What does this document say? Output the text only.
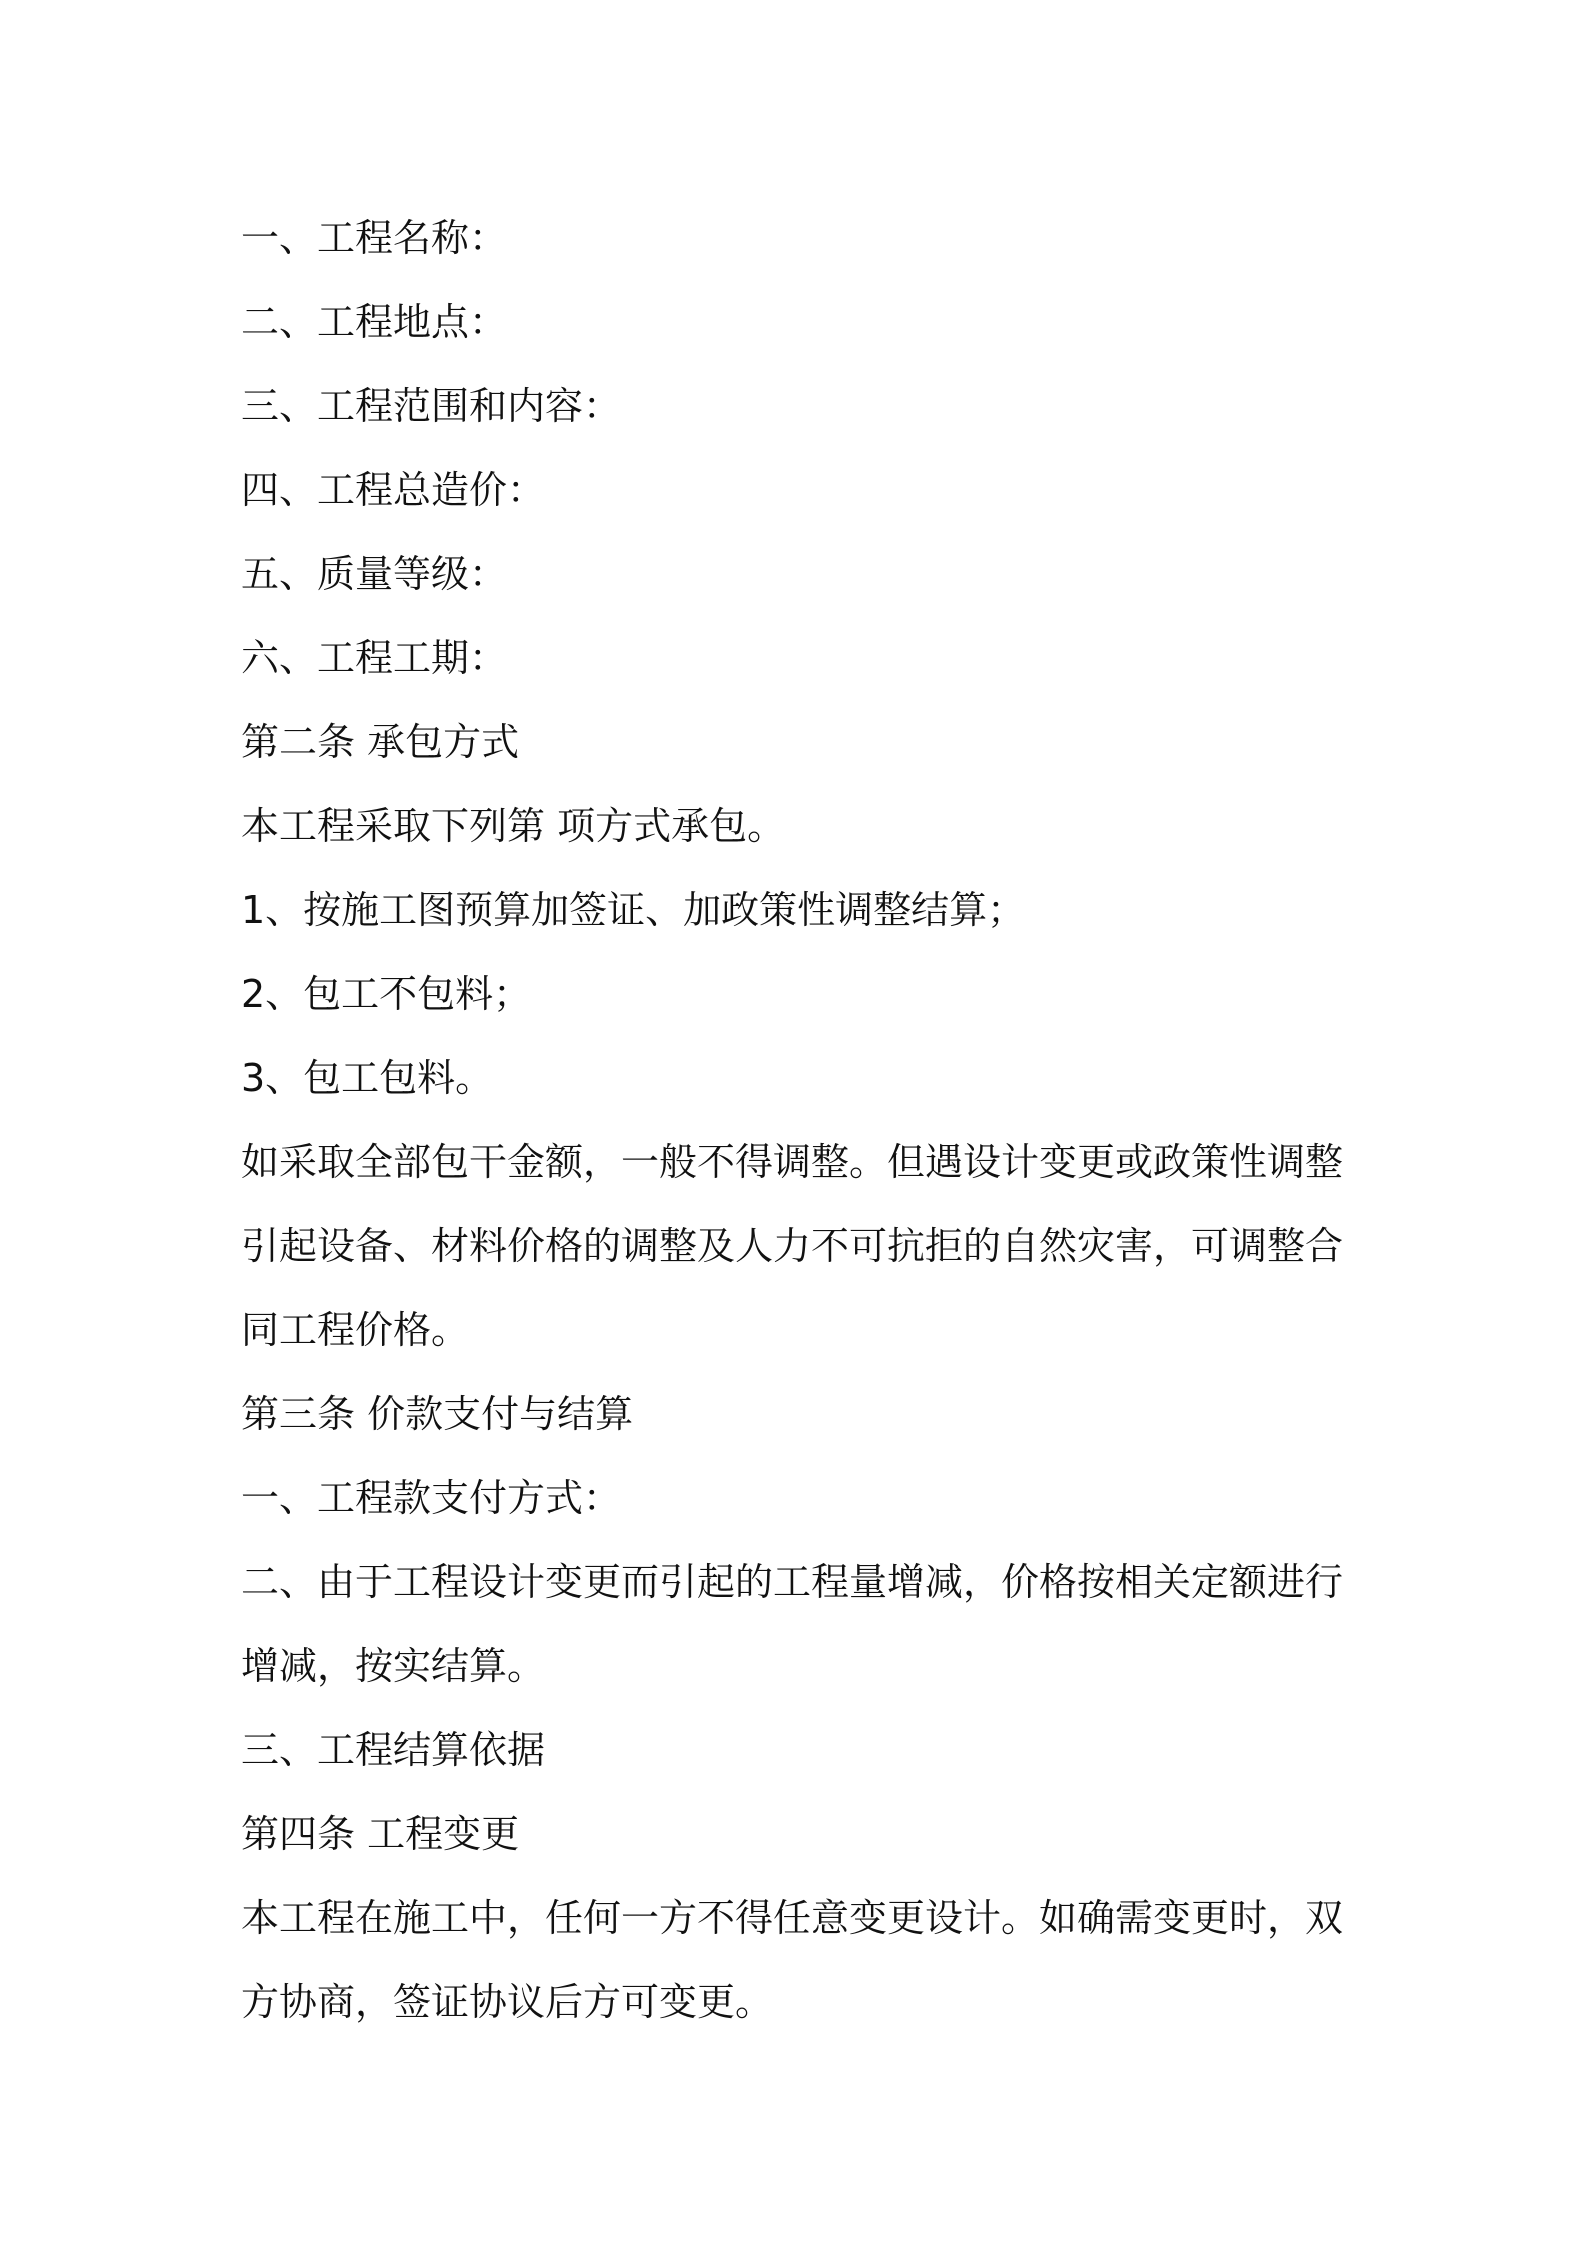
一、工程名称：
二、工程地点：
三、工程范围和内容：
四、工程总造价：
五、质量等级：
六、工程工期：
第二条 承包方式
本工程采取下列第 项方式承包。
1、按施工图预算加签证、加政策性调整结算；
2、包工不包料；
3、包工包料。

如采取全部包干金额，一般不得调整。但遇设计变更或政策性调整引起设备、材料价格的调整及人力不可抗拒的自然灾害，可调整合同工程价格。

第三条 价款支付与结算
一、工程款支付方式：

二、由于工程设计变更而引起的工程量增减，价格按相关定额进行增减，按实结算。

三、工程结算依据
第四条 工程变更

本工程在施工中，任何一方不得任意变更设计。如确需变更时，双方协商，签证协议后方可变更。
